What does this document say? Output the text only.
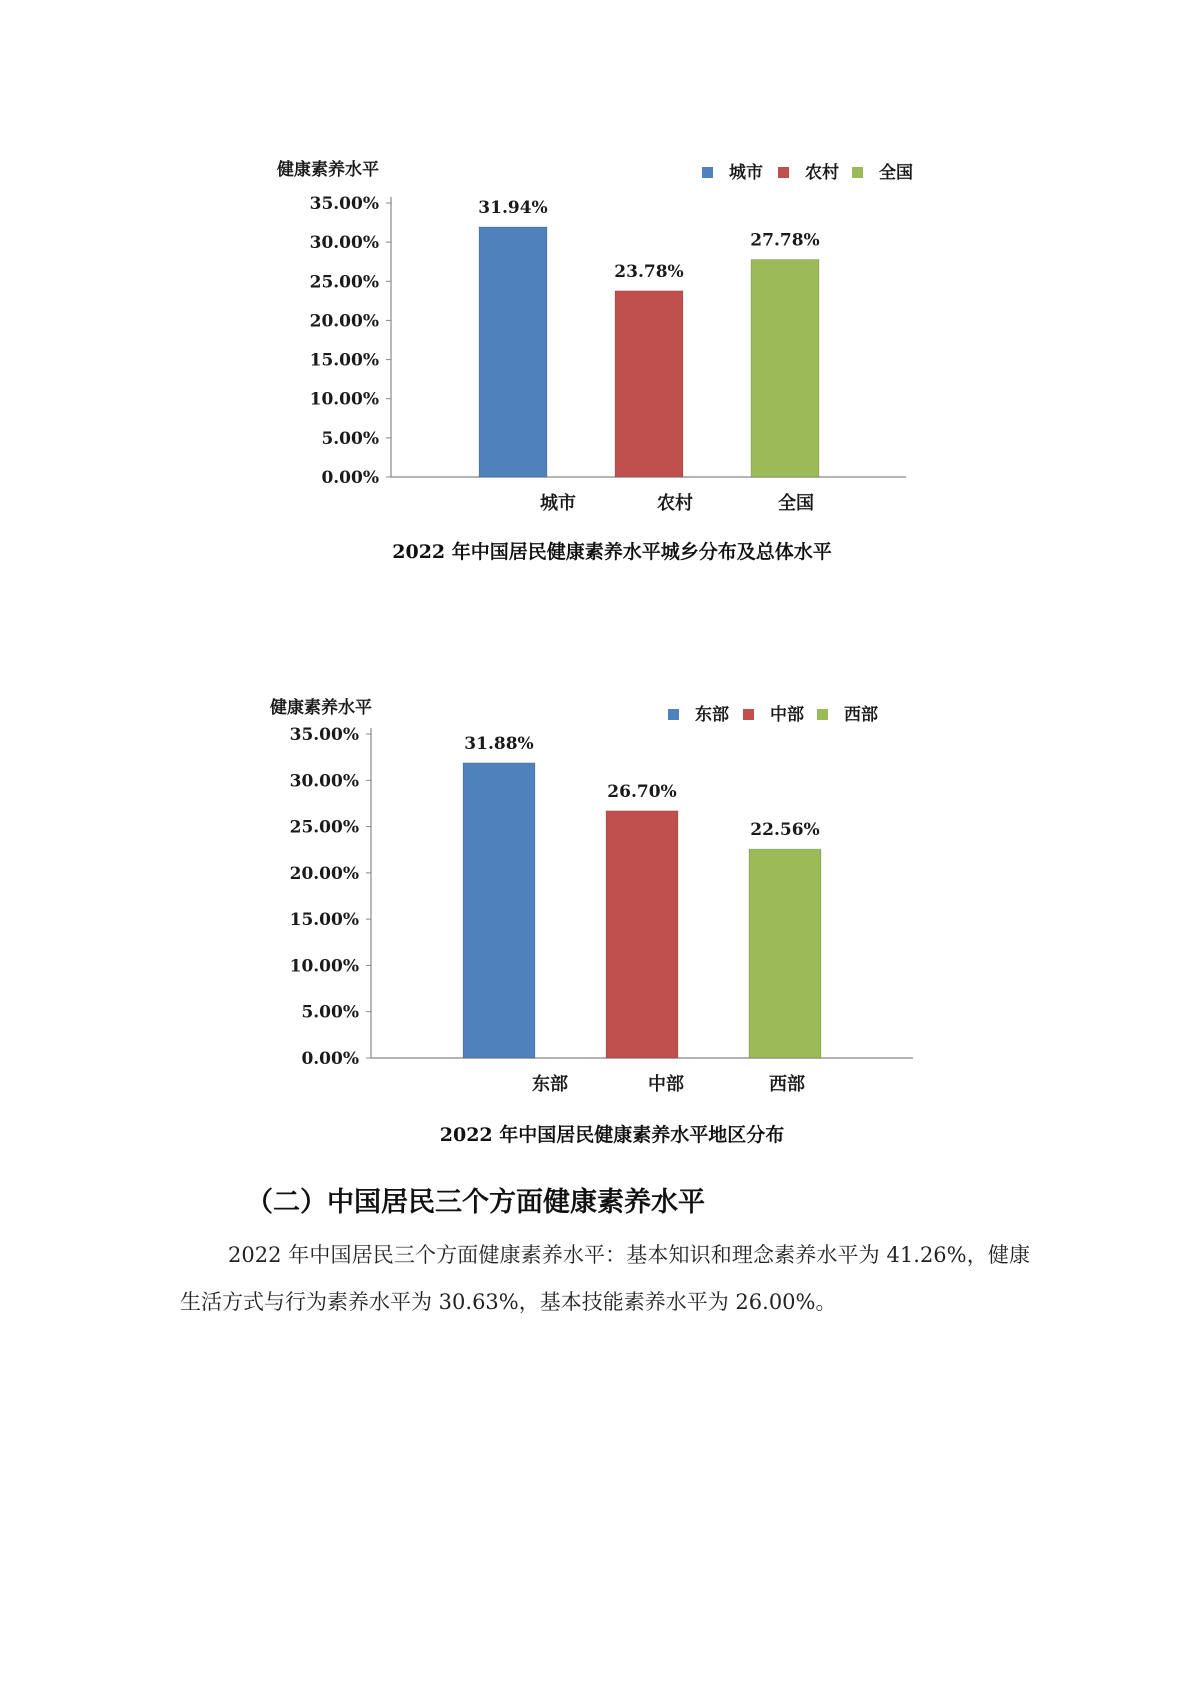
健康素养水平
0.00%
5.00%
10.00%
15.00%
20.00%
25.00%
30.00%
35.00%	31.94%
城市
23.78%
农村
27.78%
全国
城市 农村 全国
2022 年中国居民健康素养水平城乡分布及总体水平
健康素养水平
0.00%
5.00%
10.00%
15.00%
20.00%
25.00%
30.00%
35.00%	31.88%
东部
26.70%
中部
22.56%
西部
东部 中部 西部
2022 年中国居民健康素养水平地区分布
（二）中国居民三个方面健康素养水平

2022 年中国居民三个方面健康素养水平：基本知识和理念素养水平为 41.26%，健康生活方式与行为素养水平为 30.63%，基本技能素养水平为 26.00%。
